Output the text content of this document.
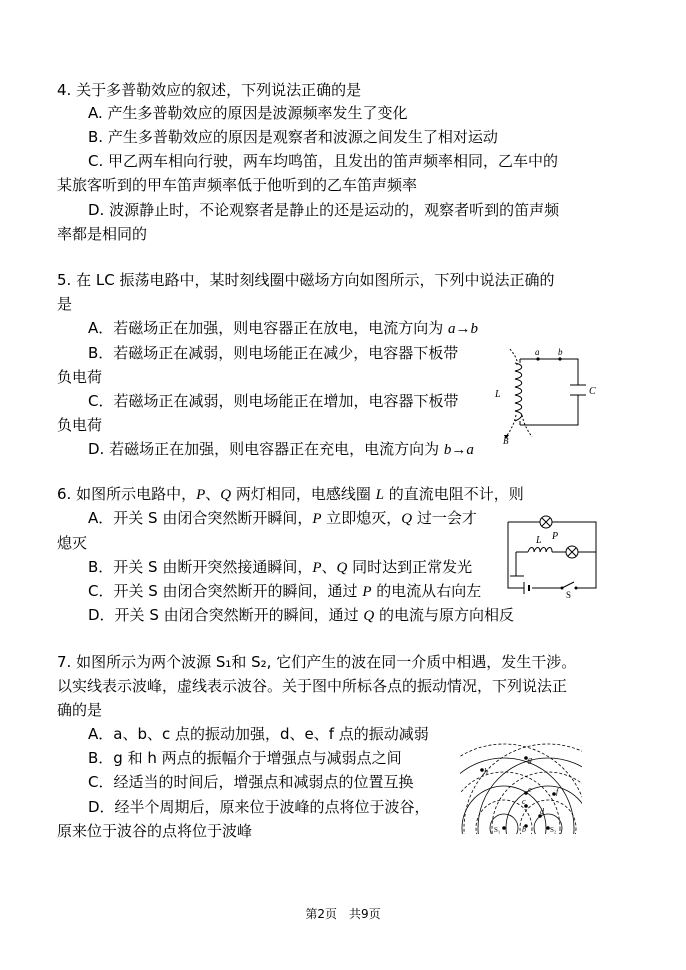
4. 关于多普勒效应的叙述，下列说法正确的是
A. 产生多普勒效应的原因是波源频率发生了变化
B. 产生多普勒效应的原因是观察者和波源之间发生了相对运动
C. 甲乙两车相向行驶，两车均鸣笛，且发出的笛声频率相同，乙车中的
某旅客听到的甲车笛声频率低于他听到的乙车笛声频率
D. 波源静止时，不论观察者是静止的还是运动的，观察者听到的笛声频
率都是相同的
5. 在 LC 振荡电路中，某时刻线圈中磁场方向如图所示，下列中说法正确的
是
A．若磁场正在加强，则电容器正在放电，电流方向为 a→b
B．若磁场正在减弱，则电场能正在减少，电容器下板带
负电荷
C．若磁场正在减弱，则电场能正在增加，电容器下板带
负电荷
D. 若磁场正在加强，则电容器正在充电，电流方向为 b→a
a b
L	C
B
6. 如图所示电路中，P、Q 两灯相同，电感线圈 L 的直流电阻不计，则
A．开关 S 由闭合突然断开瞬间，P 立即熄灭，Q 过一会才
熄灭
B．开关 S 由断开突然接通瞬间，P、Q 同时达到正常发光
C．开关 S 由闭合突然断开的瞬间，通过 P 的电流从右向左
D．开关 S 由闭合突然断开的瞬间，通过 Q 的电流与原方向相反
P
L
S
7. 如图所示为两个波源 S₁和 S₂, 它们产生的波在同一介质中相遇，发生干涉。
以实线表示波峰，虚线表示波谷。关于图中所标各点的振动情况，下列说法正
确的是
A．a、b、c 点的振动加强，d、e、f 点的振动减弱
B．g 和 h 两点的振幅介于增强点与减弱点之间
C．经适当的时间后，增强点和减弱点的位置互换
D．经半个周期后，原来位于波峰的点将位于波谷，
原来位于波谷的点将位于波峰
h
g
e
c
f
d
b
S₁	S₂
第2页　共9页
